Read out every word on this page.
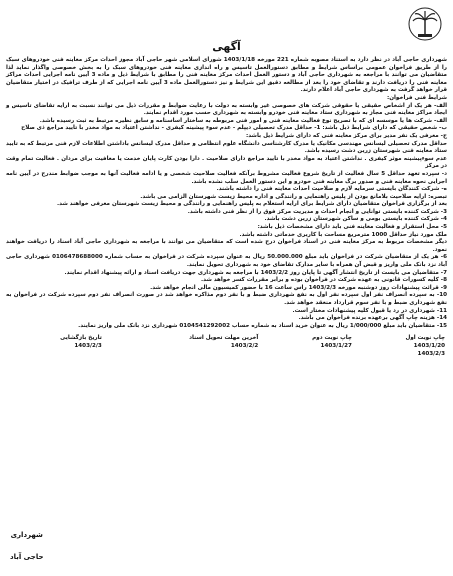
آگهی

شهرداری حاجی آباد در نظر دارد به استناد مصوبه شماره 221 مورخه 1403/1/18 شورای اسلامی شهر حاجی آباد مجوز احداث مرکز معاینه فنی خودروهای سبک را از طریق فراخوان عمومی براساس شرایط و مطابق دستورالعمل تاسیس و راه اندازی معاینه فنی خودروهای سبک را به بخش خصوصی واگذار نماید لذا متقاضیان می توانند با مراجعه به شهرداری حاجی آباد و دستور العمل احداث مرکز معاینه فنی را مطابق با شرایط ذیل و ماده 3 آیین نامه اجرایی احداث مراکز معاینه فنی را دریافت دارند و تقاضای خود را بعد از مطالعه دقیق این شرایط و نیز دستورالعمل ماده 3 آیین نامه اجرایی که از طرف ترافیک در اختیار متقاضیان قرار خواهد گرفت به شهرداری حاجی آباد اعلام دارند.

شرایط فنی فراخوان:

الف- هر یک از اشخاص حقیقی یا حقوقی شرکت های خصوصی غیر وابسته به دولت با رعایت ضوابط و مقررات ذیل می توانند نسبت به ارایه تقاضای تاسیس و ایجاد مراکز معاینه فنی مجاز به شهرداری ستاد معاینه فنی خودرو وابسته به شهرداری حسب مورد اقدام نمایند.

الف- شرکت ها یا موسسه ای که با تصریح نوع فعالیت معاینه فنی و امور فنی مربوطه به ساختار اساسنامه و سابق نظیره مرتبط به ثبت رسیده باشد.

ب- شخص حقیقی که دارای شرایط ذیل باشد: 1- حداقل مدرک تحصیلی دیپلم - عدم سوء پیشینه کیفری - نداشتن اعتیاد به مواد مخدر با تایید مراجع ذی صلاح

ج- معرفی یک نفر مدیر برای مرکز معاینه فنی که دارای شرایط ذیل باشد:

حداقل مدرک تحصیلی لیسانس مهندسی مکانیک یا مدرک کارشناسی دانشگاه علوم انتظامی و حداقل مدرک لیسانس باداشتن اطلاعات لازم فنی مرتبط که به تایید ستاد معاینه فنی شهرستان زرین دشت رسیده باشد.

عدم سوءپیشینه موثر کیفری . نداشتن اعتیاد به مواد مخدر با تایید مراجع دارای صلاحیت . دارا بودن کارت پایان خدمت یا معافیت برای مردان . فعالیت تمام وقت در مرکز

د- سپرده تعهد حداقل 5 سال فعالیت از تاریخ شروع فعالیت مشروط برآنکه فعالیت صلاحیت شخصی و یا ادامه فعالیت آنها به موجب ضوابط مندرج در آیین نامه اجرایی نحوه معاینه فنی و صدور برگ معاینه فنی خودرو و این دستور العمل سلب نشده باشد.

ه- شرکت کنندگان بایستی سرمایه لازم و صلاحیت احداث معاینه فنی را داشته باشند.

تبصره: ارایه صلاحیت بلامانع بودن از پلیس راهنمایی و رانندگی و اداره محیط زیست شهرستان الزامی می باشد.

بعد از برگزاری فراخوان متقاضیان دارای شرایط برای ارایه استعلام به پلیس راهنمایی و رانندگی و محیط زیست شهرستان معرفی خواهند شد.

3- شرکت کننده بایستی توانایی و انجام احداث و مدیریت مرکز فوق را از نظر فنی داشته باشد.

4- شرکت کننده بایستی بومی و ساکن شهرستان زرین دشت باشد.

5- محل استقرار و فعالیت معاینه فنی باید دارای مشخصات ذیل باشد:

ملک مورد نیاز حداقل 1000 مترمربع مساحت با کاربری خدماتی داشته باشد.

دیگر مشخصات مربوط به مرکز معاینه فنی در اسناد فراخوان درج شده است که متقاضیان می توانند با مراجعه به شهرداری حاجی آباد اسناد را دریافت خواهند نمود.

6- هر یک از متقاضیان شرکت در فراخوان باید مبلغ 50.000.000 ریال به عنوان سپرده شرکت در فراخوان به حساب شماره 0106478688000 شهرداری حاجی آباد نزد بانک ملی واریز و قبض آن همراه با سایر مدارک تقاضای خود به شهرداری تحویل نمایند.

7- متقاضیان می بایست از تاریخ انتشار آگهی تا پایان روز 1403/2/2 با مراجعه به شهرداری جهت دریافت اسناد و ارائه پیشنهاد اقدام نمایند.

8- کلیه کسورات قانونی به عهده شرکت در فراخوان بوده و برابر مقررات کسر خواهد شد.

9- قرائت پیشنهادات روز دوشنبه مورخه 1403/2/3 راس ساعت 16 با حضور کمیسیون مالی انجام خواهد شد.

10- به سپرده انصراف نفر اول سپرده نفر اول به نفع شهرداری ضبط و با نفر دوم مذاکره خواهد شد در صورت انصراف نفر دوم سپرده شرکت در فراخوان به نفع شهرداری ضبط و با نفر سوم قرارداد منعقد خواهد شد.

11- شهرداری در رد یا قبول کلیه پیشنهادات مختار است.

14- هزینه چاپ آگهی برعهده برنده فراخوان می باشد.

15- متقاضیان باید مبلغ 1/000/000 ریال به عنوان خرید اسناد به شماره حساب 0104541292002 شهرداری نزد بانک ملی واریز نمایند.

چاپ نوبت اول	چاپ نوبت دوم	آخرین مهلت تحویل اسناد	تاریخ بازگشایی
1403/1/20	1403/1/27	1403/2/2	1403/2/3
1403/2/3			
شهرداری
حاجی آباد
